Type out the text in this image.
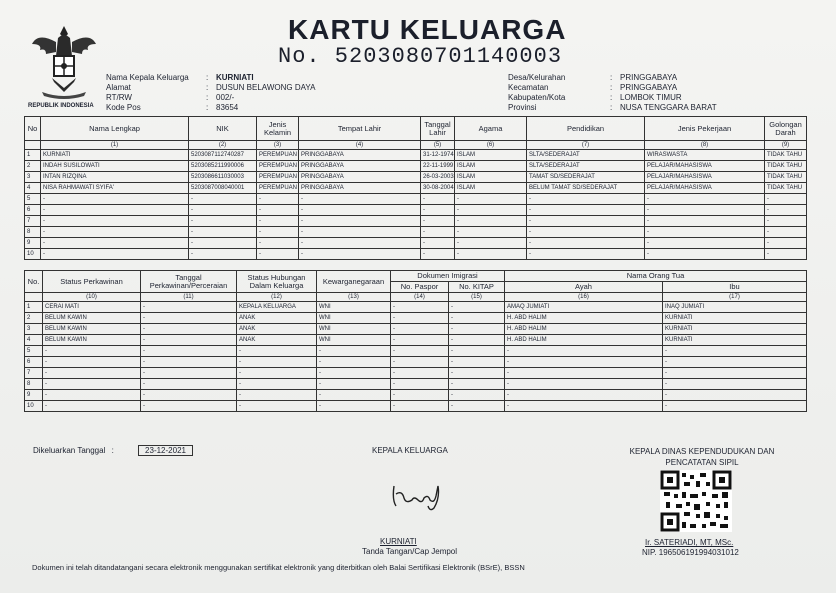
REPUBLIK INDONESIA
KARTU KELUARGA
No. 5203080701140003
Nama Kepala Keluarga : KURNIATI
Alamat	: DUSUN BELAWONG DAYA
RT/RW	: 002/-
Kode Pos	: 83654
Desa/Kelurahan	: PRINGGABAYA
Kecamatan	: PRINGGABAYA
Kabupaten/Kota	: LOMBOK TIMUR
Provinsi	: NUSA TENGGARA BARAT
No	Nama Lengkap	NIK	Jenis Kelamin	Tempat Lahir	Tanggal Lahir	Agama	Pendidikan	Jenis Pekerjaan	Golongan Darah
	(1)	(2)	(3)	(4)	(5)	(6)	(7)	(8)	(9)
1	KURNIATI	5203087112740287	PEREMPUAN	PRINGGABAYA	31-12-1974	ISLAM	SLTA/SEDERAJAT	WIRASWASTA	TIDAK TAHU
2	INDAH SUSILOWATI	5203085211990006	PEREMPUAN	PRINGGABAYA	22-11-1999	ISLAM	SLTA/SEDERAJAT	PELAJAR/MAHASISWA	TIDAK TAHU
3	INTAN RIZQINA	5203086611030003	PEREMPUAN	PRINGGABAYA	26-03-2003	ISLAM	TAMAT SD/SEDERAJAT	PELAJAR/MAHASISWA	TIDAK TAHU
4	NISA RAHMAWATI SYIFA'	5203087008040001	PEREMPUAN	PRINGGABAYA	30-08-2004	ISLAM	BELUM TAMAT SD/SEDERAJAT	PELAJAR/MAHASISWA	TIDAK TAHU
5	-	-	-	-	-	-	-	-	-
6	-	-	-	-	-	-	-	-	-
7	-	-	-	-	-	-	-	-	-
8	-	-	-	-	-	-	-	-	-
9	-	-	-	-	-	-	-	-	-
10	-	-	-	-	-	-	-	-	-
No.	Status Perkawinan	Tanggal Perkawinan/Perceraian	Status Hubungan Dalam Keluarga	Kewarganegaraan	Dokumen Imigrasi		Nama Orang Tua	
					No. Paspor	No. KITAP	Ayah	Ibu
	(10)	(11)	(12)	(13)	(14)	(15)	(16)	(17)
1	CERAI MATI	-	KEPALA KELUARGA	WNI	-	-	AMAQ JUMIATI	INAQ JUMIATI
2	BELUM KAWIN	-	ANAK	WNI	-	-	H. ABD HALIM	KURNIATI
3	BELUM KAWIN	-	ANAK	WNI	-	-	H. ABD HALIM	KURNIATI
4	BELUM KAWIN	-	ANAK	WNI	-	-	H. ABD HALIM	KURNIATI
5	-	-	-	-	-	-	-	-
6	-	-	-	-	-	-	-	-
7	-	-	-	-	-	-	-	-
8	-	-	-	-	-	-	-	-
9	-	-	-	-	-	-	-	-
10	-	-	-	-	-	-	-	-
Dikeluarkan Tanggal :	23-12-2021	KEPALA KELUARGA
KURNIATI
Tanda Tangan/Cap Jempol
KEPALA DINAS KEPENDUDUKAN DAN
PENCATATAN SIPIL
Ir. SATERIADI, MT, MSc.
NIP. 196506191994031012
Dokumen ini telah ditandatangani secara elektronik menggunakan sertifikat elektronik yang diterbitkan oleh Balai Sertifikasi Elektronik (BSrE), BSSN
